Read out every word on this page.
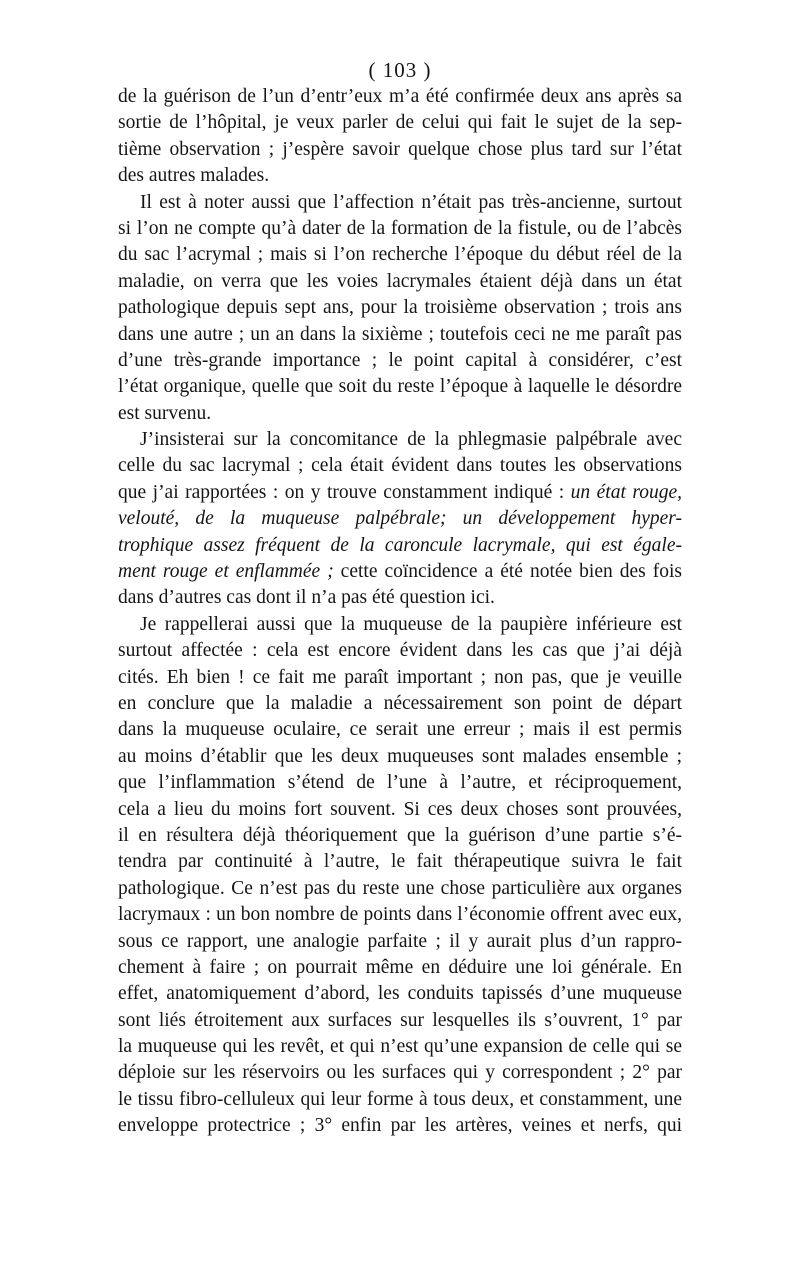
( 103 )
de la guérison de l’un d’entr’eux m’a été confirmée deux ans après sa
sortie de l’hôpital, je veux parler de celui qui fait le sujet de la sep-
tième observation ; j’espère savoir quelque chose plus tard sur l’état
des autres malades.
Il est à noter aussi que l’affection n’était pas très-ancienne, surtout
si l’on ne compte qu’à dater de la formation de la fistule, ou de l’abcès
du sac l’acrymal ; mais si l’on recherche l’époque du début réel de la
maladie, on verra que les voies lacrymales étaient déjà dans un état
pathologique depuis sept ans, pour la troisième observation ; trois ans
dans une autre ; un an dans la sixième ; toutefois ceci ne me paraît pas
d’une très-grande importance ; le point capital à considérer, c’est
l’état organique, quelle que soit du reste l’époque à laquelle le désordre
est survenu.
J’insisterai sur la concomitance de la phlegmasie palpébrale avec
celle du sac lacrymal ; cela était évident dans toutes les observations
que j’ai rapportées : on y trouve constamment indiqué : un état rouge,
velouté, de la muqueuse palpébrale; un développement hyper-
trophique assez fréquent de la caroncule lacrymale, qui est égale-
ment rouge et enflammée ; cette coïncidence a été notée bien des fois
dans d’autres cas dont il n’a pas été question ici.
Je rappellerai aussi que la muqueuse de la paupière inférieure est
surtout affectée : cela est encore évident dans les cas que j’ai déjà
cités. Eh bien ! ce fait me paraît important ; non pas, que je veuille
en conclure que la maladie a nécessairement son point de départ
dans la muqueuse oculaire, ce serait une erreur ; mais il est permis
au moins d’établir que les deux muqueuses sont malades ensemble ;
que l’inflammation s’étend de l’une à l’autre, et réciproquement,
cela a lieu du moins fort souvent. Si ces deux choses sont prouvées,
il en résultera déjà théoriquement que la guérison d’une partie s’é-
tendra par continuité à l’autre, le fait thérapeutique suivra le fait
pathologique. Ce n’est pas du reste une chose particulière aux organes
lacrymaux : un bon nombre de points dans l’économie offrent avec eux,
sous ce rapport, une analogie parfaite ; il y aurait plus d’un rappro-
chement à faire ; on pourrait même en déduire une loi générale. En
effet, anatomiquement d’abord, les conduits tapissés d’une muqueuse
sont liés étroitement aux surfaces sur lesquelles ils s’ouvrent, 1° par
la muqueuse qui les revêt, et qui n’est qu’une expansion de celle qui se
déploie sur les réservoirs ou les surfaces qui y correspondent ; 2° par
le tissu fibro-celluleux qui leur forme à tous deux, et constamment, une
enveloppe protectrice ; 3° enfin par les artères, veines et nerfs, qui
